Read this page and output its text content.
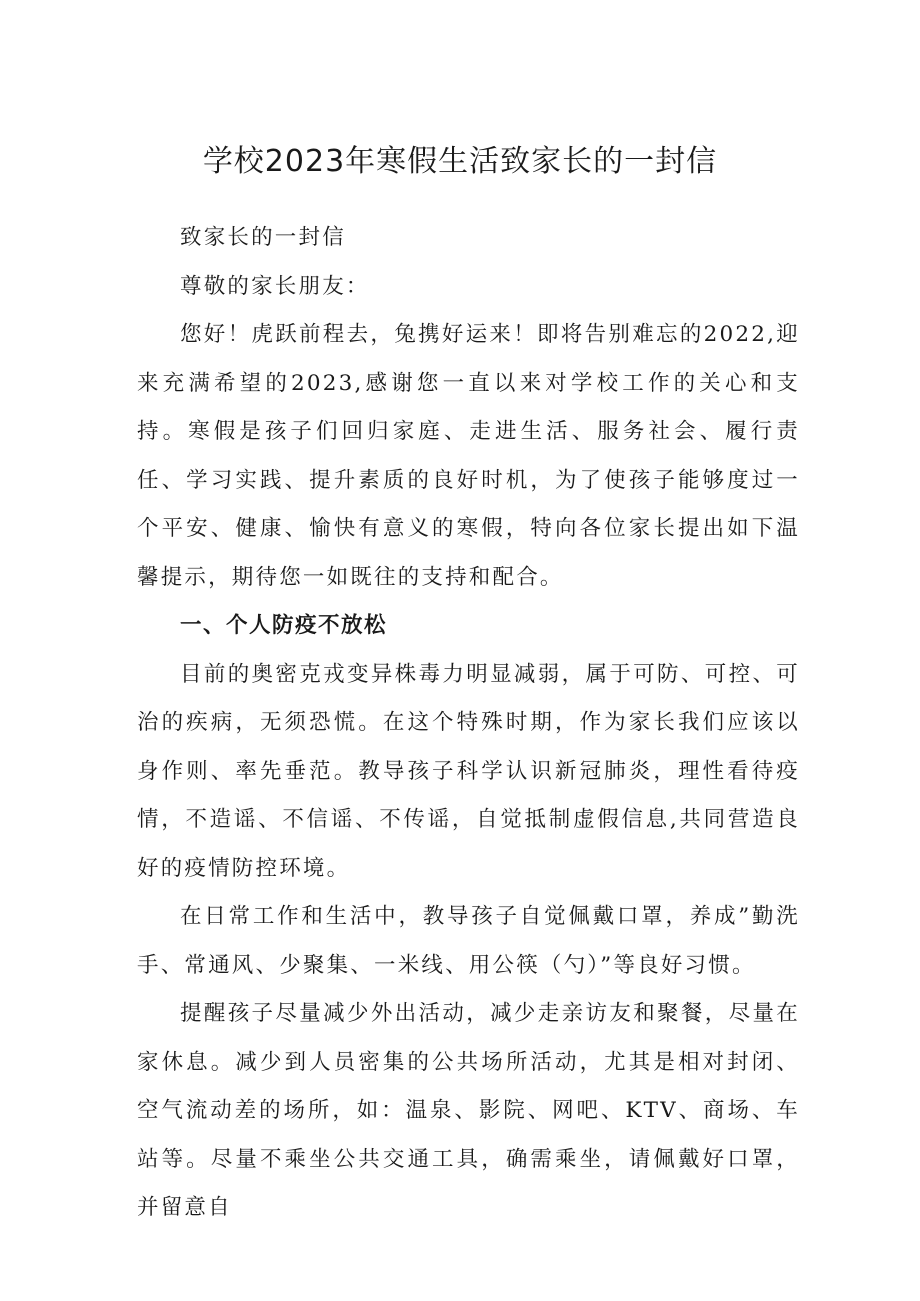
学校2023年寒假生活致家长的一封信

致家长的一封信

尊敬的家长朋友：

您好！虎跃前程去，兔携好运来！即将告别难忘的2022,迎来充满希望的2023,感谢您一直以来对学校工作的关心和支持。寒假是孩子们回归家庭、走进生活、服务社会、履行责任、学习实践、提升素质的良好时机，为了使孩子能够度过一个平安、健康、愉快有意义的寒假，特向各位家长提出如下温馨提示，期待您一如既往的支持和配合。

一、个人防疫不放松

目前的奥密克戎变异株毒力明显减弱，属于可防、可控、可治的疾病，无须恐慌。在这个特殊时期，作为家长我们应该以身作则、率先垂范。教导孩子科学认识新冠肺炎，理性看待疫情，不造谣、不信谣、不传谣，自觉抵制虚假信息,共同营造良好的疫情防控环境。

在日常工作和生活中，教导孩子自觉佩戴口罩，养成”勤洗手、常通风、少聚集、一米线、用公筷（勺）”等良好习惯。

提醒孩子尽量减少外出活动，减少走亲访友和聚餐，尽量在家休息。减少到人员密集的公共场所活动，尤其是相对封闭、空气流动差的场所，如：温泉、影院、网吧、KTV、商场、车站等。尽量不乘坐公共交通工具，确需乘坐，请佩戴好口罩，并留意自
